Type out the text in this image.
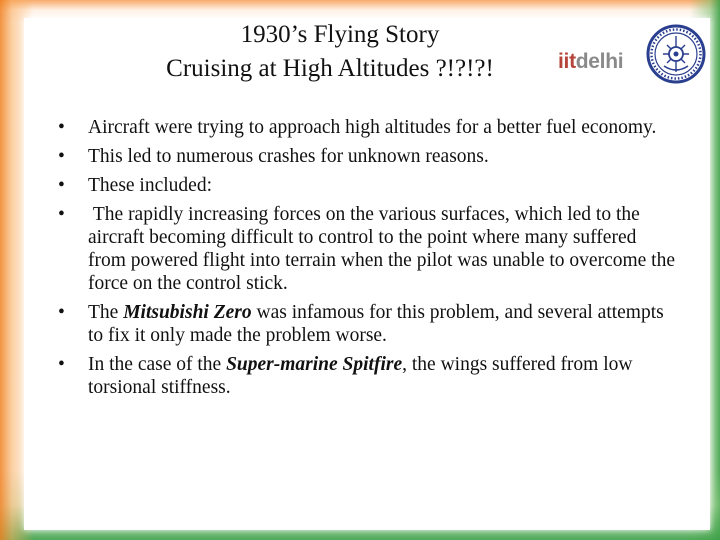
1930’s Flying Story
Cruising at High Altitudes ?!?!?!	iitdelhi
• Aircraft were trying to approach high altitudes for a better fuel economy.
• This led to numerous crashes for unknown reasons.
• These included:
• The rapidly increasing forces on the various surfaces, which led to the aircraft becoming difficult to control to the point where many suffered from powered flight into terrain when the pilot was unable to overcome the force on the control stick.
• The Mitsubishi Zero was infamous for this problem, and several attempts to fix it only made the problem worse.
• In the case of the Super-marine Spitfire, the wings suffered from low torsional stiffness.
